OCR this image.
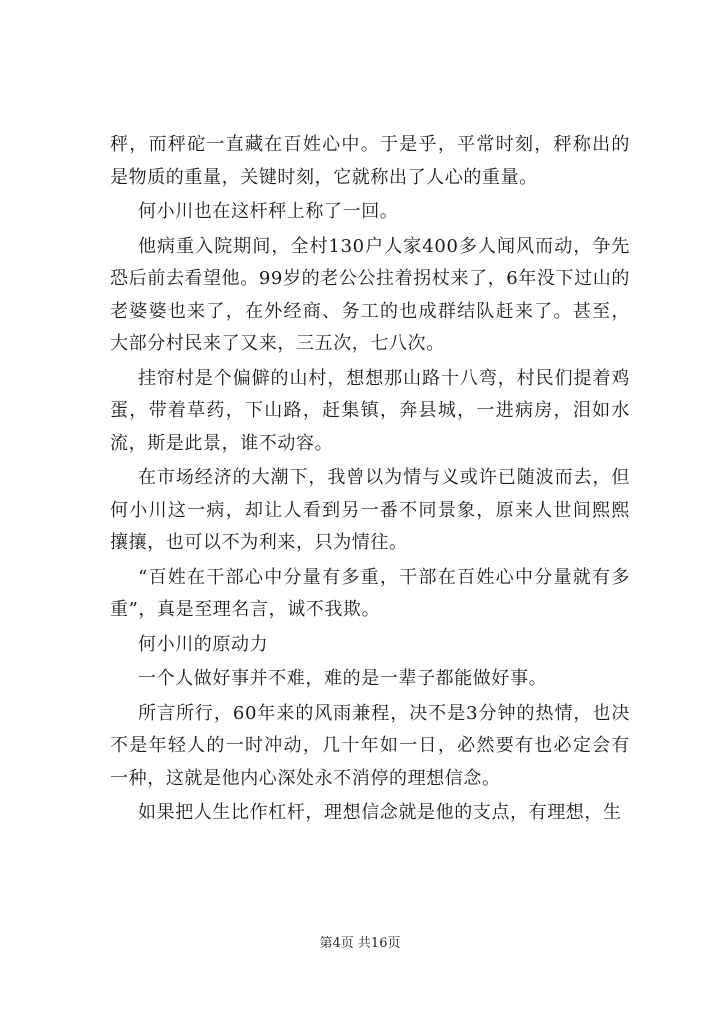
秤，而秤砣一直藏在百姓心中。于是乎，平常时刻，秤称出的是物质的重量，关键时刻，它就称出了人心的重量。

何小川也在这杆秤上称了一回。

他病重入院期间，全村130户人家400多人闻风而动，争先恐后前去看望他。99岁的老公公拄着拐杖来了，6年没下过山的老婆婆也来了，在外经商、务工的也成群结队赶来了。甚至，大部分村民来了又来，三五次，七八次。

挂帘村是个偏僻的山村，想想那山路十八弯，村民们提着鸡蛋，带着草药，下山路，赶集镇，奔县城，一进病房，泪如水流，斯是此景，谁不动容。

在市场经济的大潮下，我曾以为情与义或许已随波而去，但何小川这一病，却让人看到另一番不同景象，原来人世间熙熙攘攘，也可以不为利来，只为情往。

“百姓在干部心中分量有多重，干部在百姓心中分量就有多重”，真是至理名言，诚不我欺。

何小川的原动力

一个人做好事并不难，难的是一辈子都能做好事。

所言所行，60年来的风雨兼程，决不是3分钟的热情，也决不是年轻人的一时冲动，几十年如一日，必然要有也必定会有一种，这就是他内心深处永不消停的理想信念。

如果把人生比作杠杆，理想信念就是他的支点，有理想，生

第4页 共16页
